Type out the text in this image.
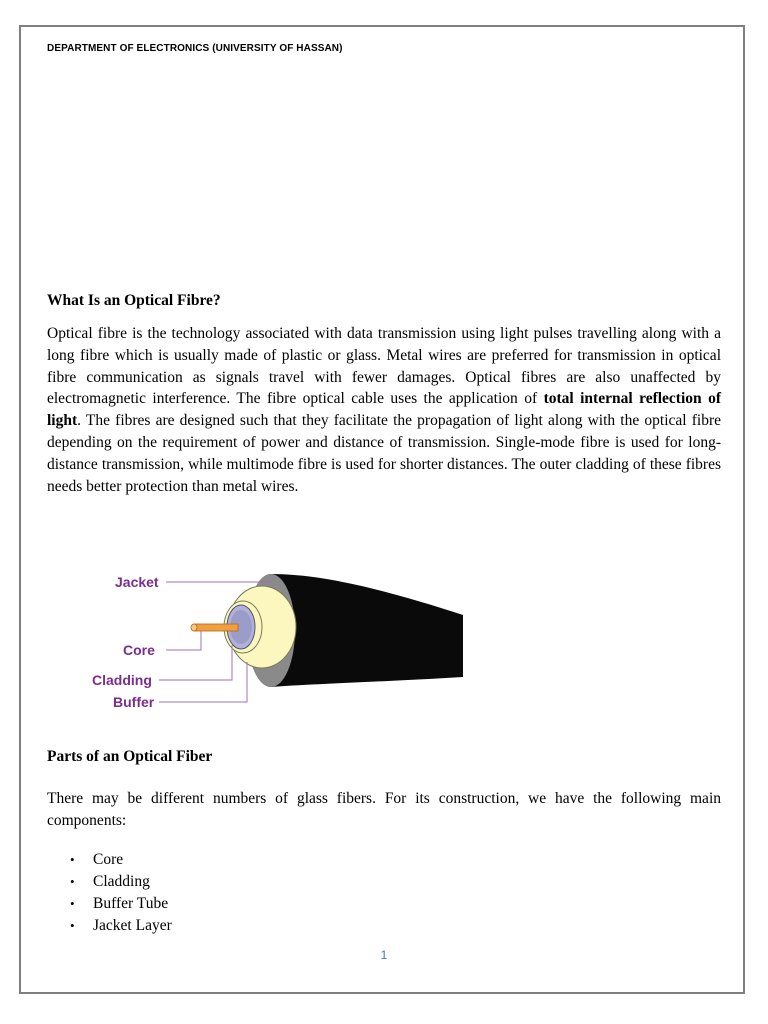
DEPARTMENT OF ELECTRONICS (UNIVERSITY OF HASSAN)
What Is an Optical Fibre?

Optical fibre is the technology associated with data transmission using light pulses travelling along with a long fibre which is usually made of plastic or glass. Metal wires are preferred for transmission in optical fibre communication as signals travel with fewer damages. Optical fibres are also unaffected by electromagnetic interference. The fibre optical cable uses the application of total internal reflection of light. The fibres are designed such that they facilitate the propagation of light along with the optical fibre depending on the requirement of power and distance of transmission. Single-mode fibre is used for long-distance transmission, while multimode fibre is used for shorter distances. The outer cladding of these fibres needs better protection than metal wires.

Jacket
Core
Cladding
Buffer
Parts of an Optical Fiber

There may be different numbers of glass fibers. For its construction, we have the following main components:

• Core
• Cladding
• Buffer Tube
• Jacket Layer
1
